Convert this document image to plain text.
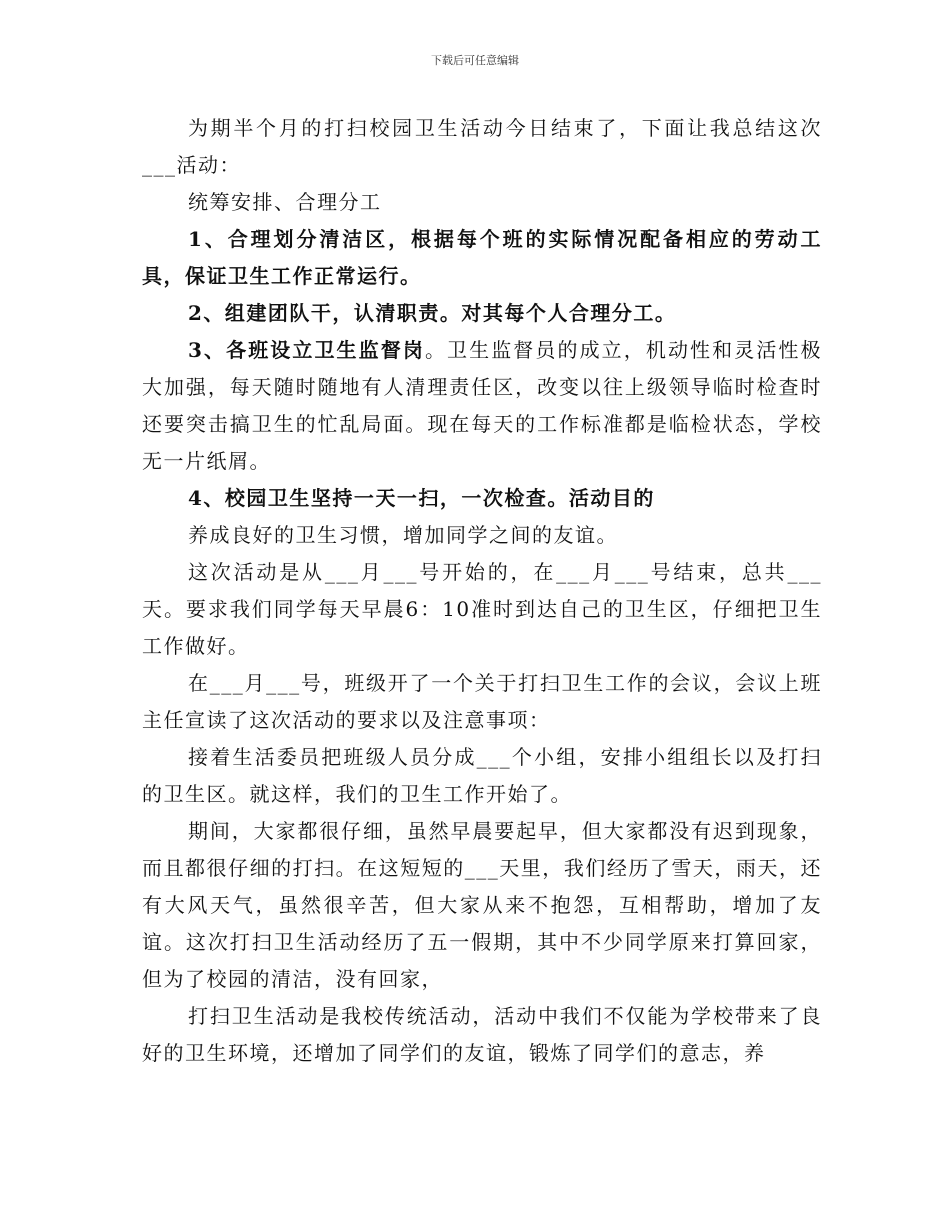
下载后可任意编辑

为期半个月的打扫校园卫生活动今日结束了，下面让我总结这次___活动：

统筹安排、合理分工

1、合理划分清洁区，根据每个班的实际情况配备相应的劳动工具，保证卫生工作正常运行。

2、组建团队干，认清职责。对其每个人合理分工。

3、各班设立卫生监督岗。卫生监督员的成立，机动性和灵活性极大加强，每天随时随地有人清理责任区，改变以往上级领导临时检查时还要突击搞卫生的忙乱局面。现在每天的工作标准都是临检状态，学校无一片纸屑。

4、校园卫生坚持一天一扫，一次检查。活动目的

养成良好的卫生习惯，增加同学之间的友谊。

这次活动是从___月___号开始的，在___月___号结束，总共___天。要求我们同学每天早晨6：10准时到达自己的卫生区，仔细把卫生工作做好。

在___月___号，班级开了一个关于打扫卫生工作的会议，会议上班主任宣读了这次活动的要求以及注意事项：

接着生活委员把班级人员分成___个小组，安排小组组长以及打扫的卫生区。就这样，我们的卫生工作开始了。

期间，大家都很仔细，虽然早晨要起早，但大家都没有迟到现象，而且都很仔细的打扫。在这短短的___天里，我们经历了雪天，雨天，还有大风天气，虽然很辛苦，但大家从来不抱怨，互相帮助，增加了友谊。这次打扫卫生活动经历了五一假期，其中不少同学原来打算回家，但为了校园的清洁，没有回家，

打扫卫生活动是我校传统活动，活动中我们不仅能为学校带来了良好的卫生环境，还增加了同学们的友谊，锻炼了同学们的意志，养
